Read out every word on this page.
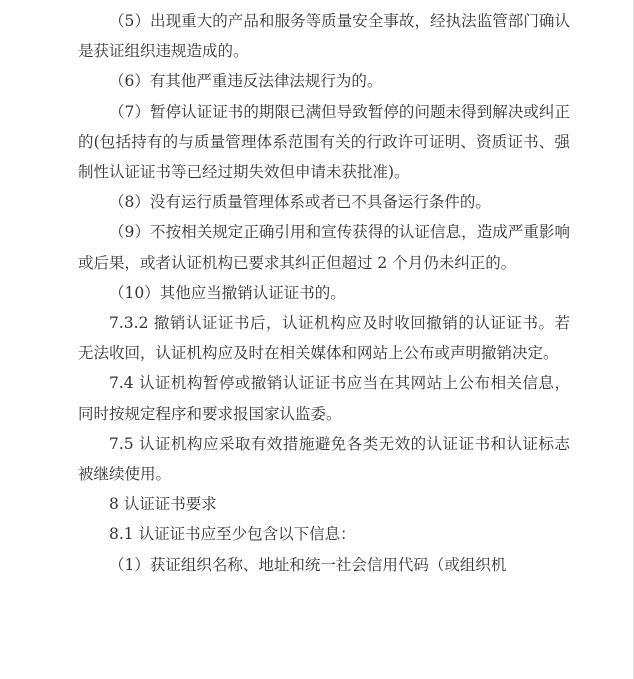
（5）出现重大的产品和服务等质量安全事故，经执法监管部门确认是获证组织违规造成的。

（6）有其他严重违反法律法规行为的。

（7）暂停认证证书的期限已满但导致暂停的问题未得到解决或纠正的(包括持有的与质量管理体系范围有关的行政许可证明、资质证书、强制性认证证书等已经过期失效但申请未获批准)。

（8）没有运行质量管理体系或者已不具备运行条件的。

（9）不按相关规定正确引用和宣传获得的认证信息，造成严重影响或后果，或者认证机构已要求其纠正但超过 2 个月仍未纠正的。

（10）其他应当撤销认证证书的。

7.3.2 撤销认证证书后，认证机构应及时收回撤销的认证证书。若无法收回，认证机构应及时在相关媒体和网站上公布或声明撤销决定。

7.4 认证机构暂停或撤销认证证书应当在其网站上公布相关信息，同时按规定程序和要求报国家认监委。

7.5 认证机构应采取有效措施避免各类无效的认证证书和认证标志被继续使用。

8 认证证书要求

8.1 认证证书应至少包含以下信息：

（1）获证组织名称、地址和统一社会信用代码（或组织机
